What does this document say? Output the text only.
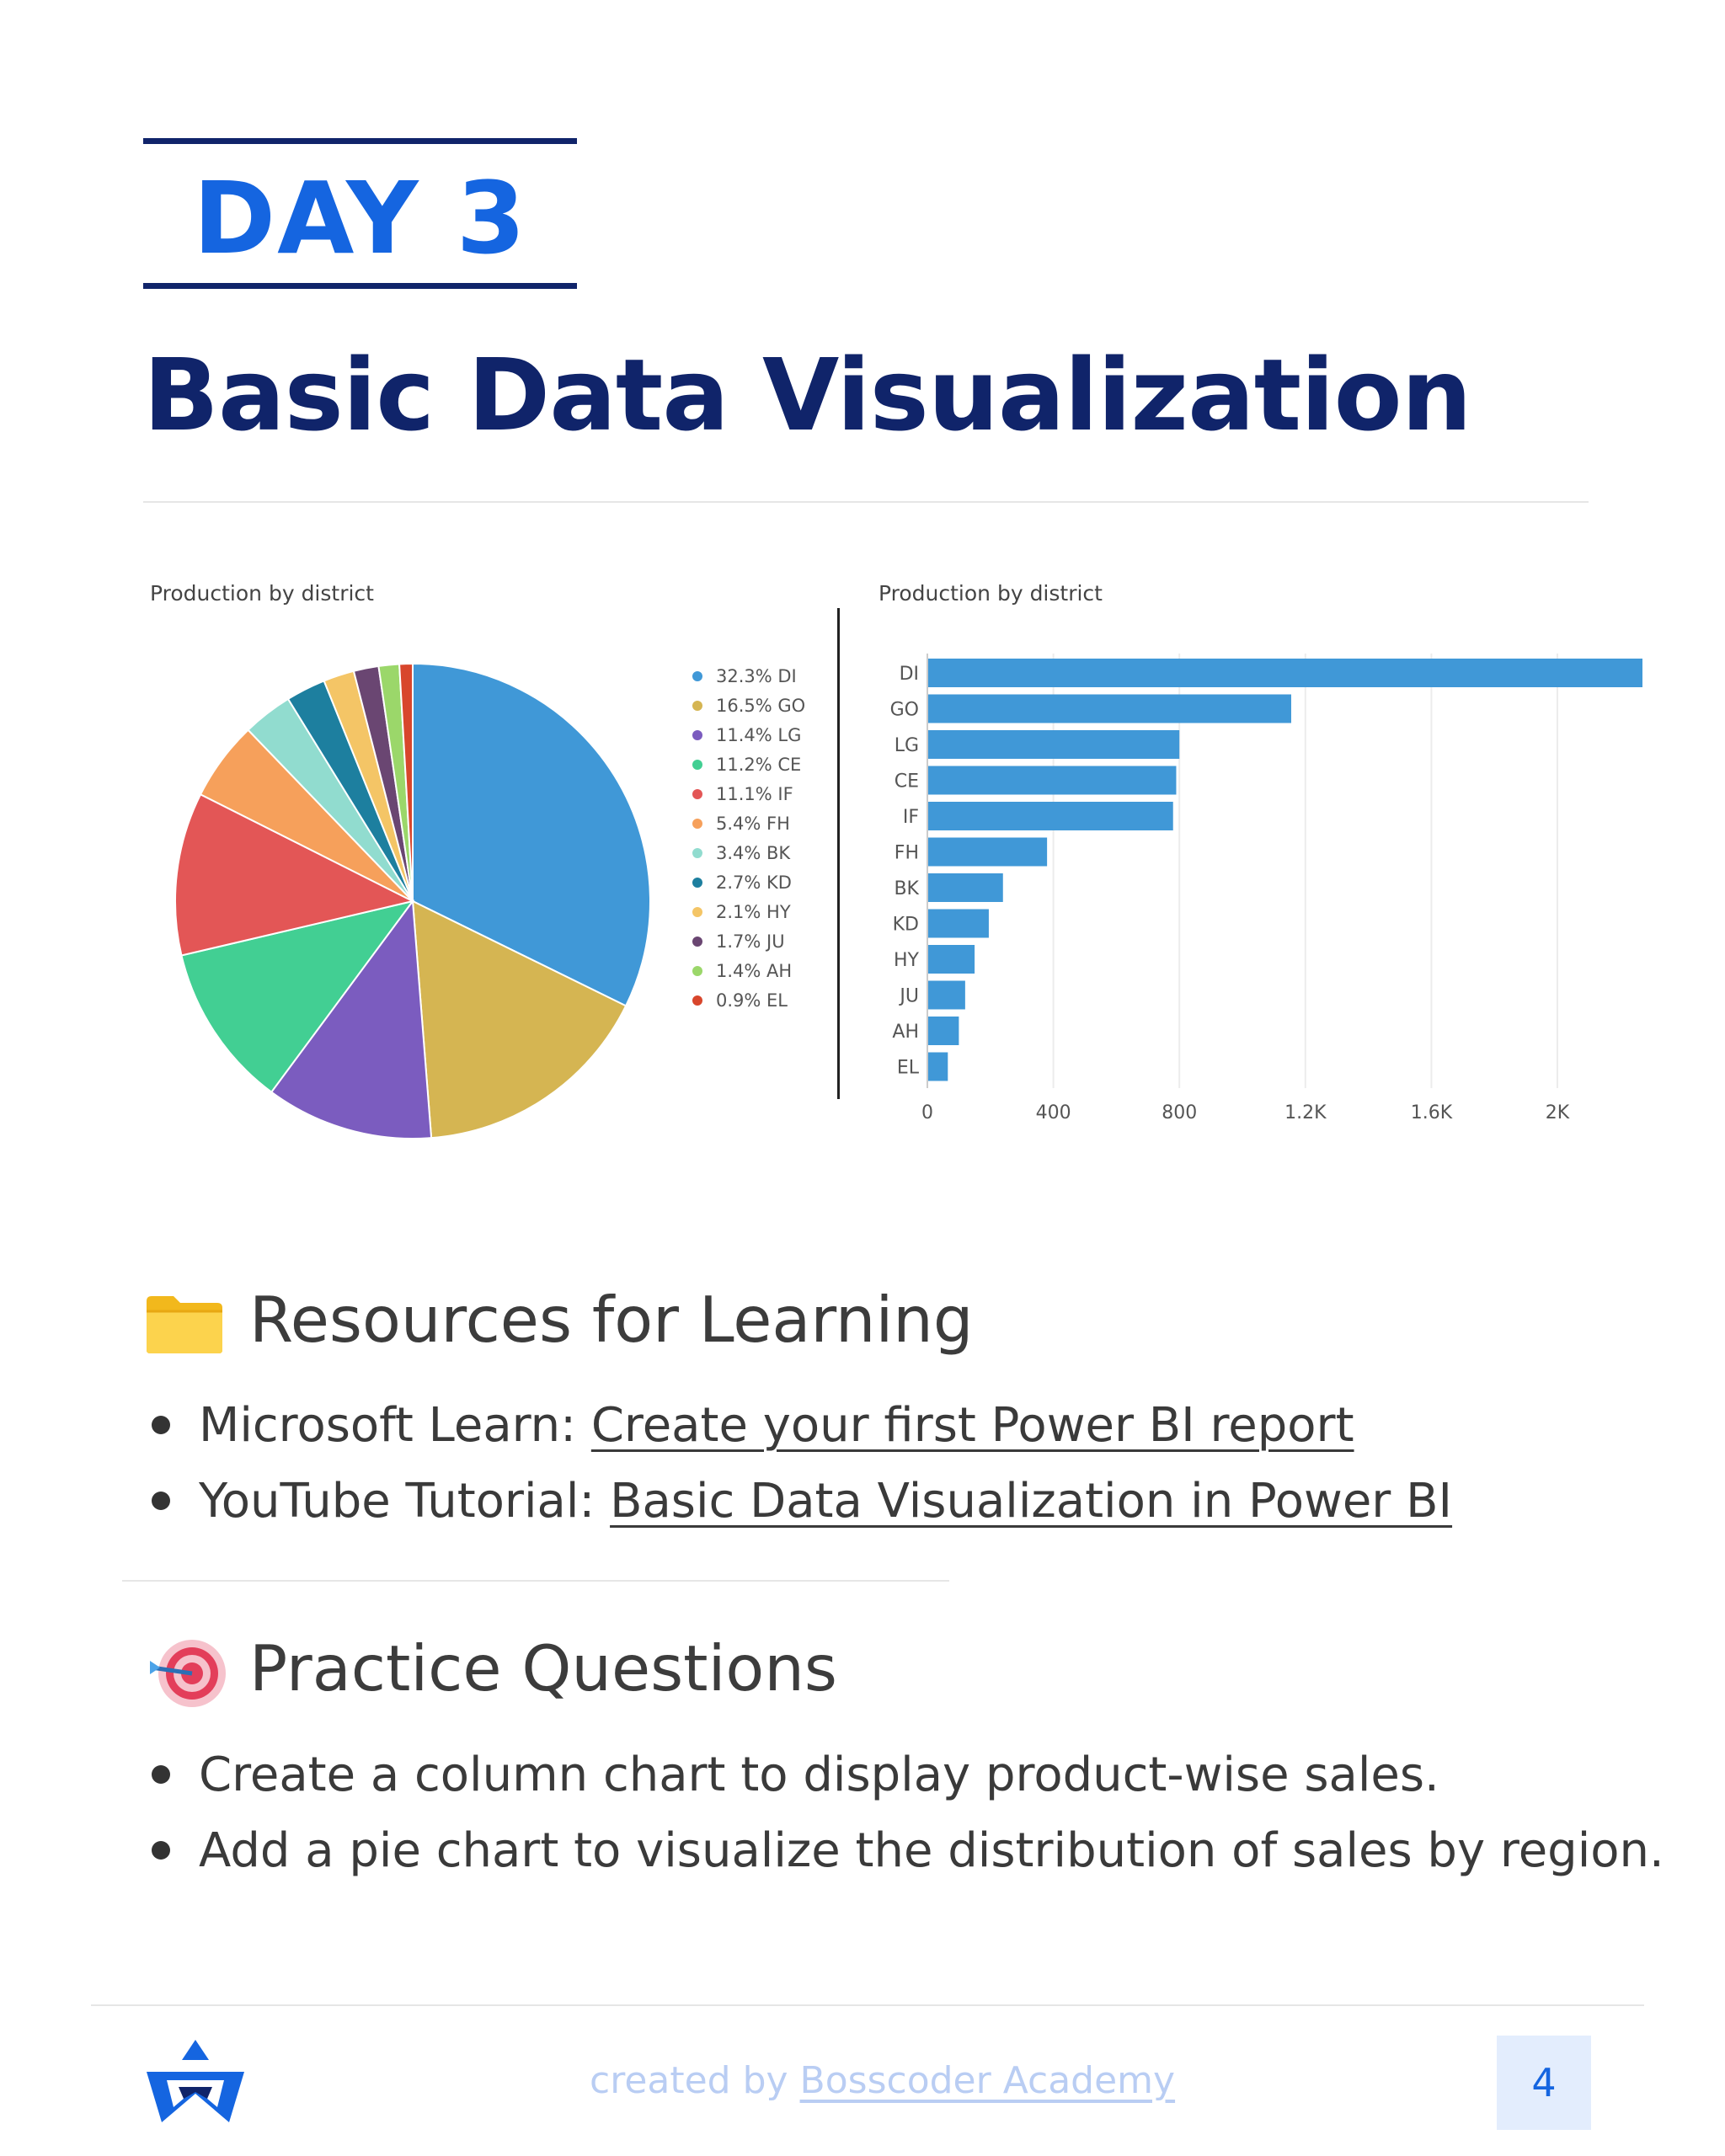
DAY 3
Basic Data Visualization
Production by district
32.3% DI
16.5% GO
11.4% LG
11.2% CE
11.1% IF
5.4% FH
3.4% BK
2.7% KD
2.1% HY
1.7% JU
1.4% AH
0.9% EL
Production by district
0	400	800	1.2K	1.6K	2K
DI
GO
LG
CE
IF
FH
BK
KD
HY
JU
AH
EL
Resources for Learning
Microsoft Learn: Create your first Power BI report
YouTube Tutorial: Basic Data Visualization in Power BI
Practice Questions
Create a column chart to display product-wise sales.
Add a pie chart to visualize the distribution of sales by region.
created by Bosscoder Academy	4
